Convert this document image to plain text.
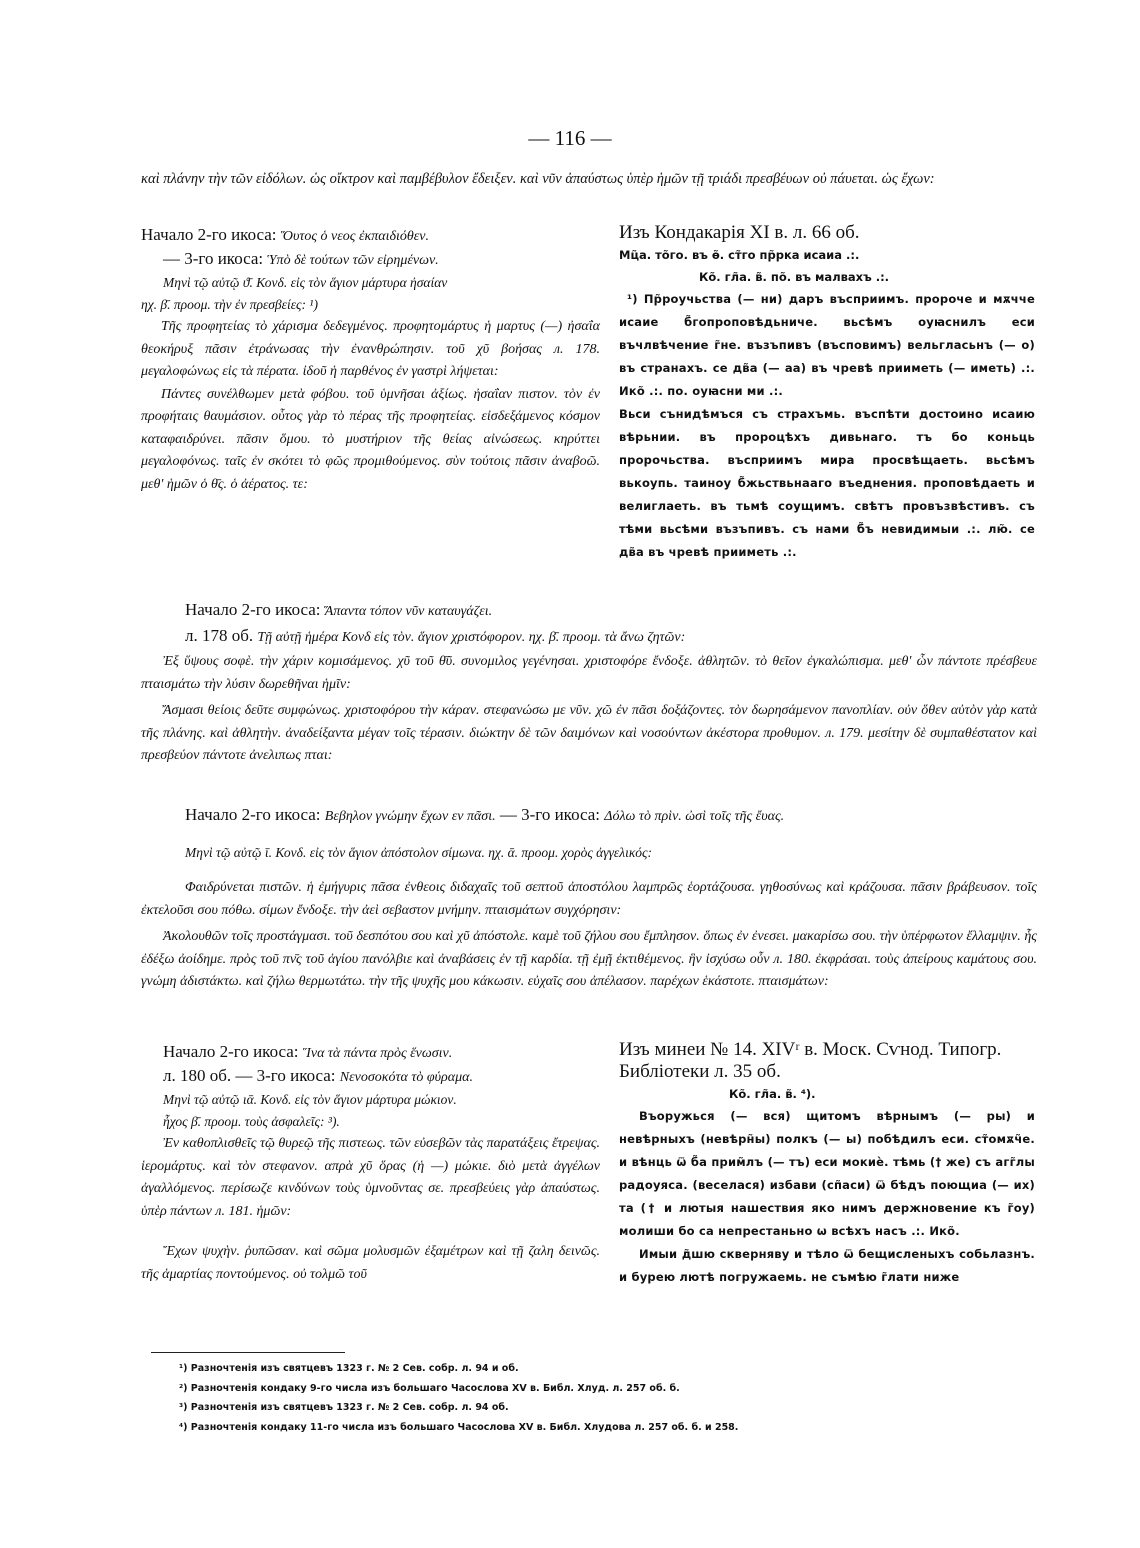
— 116 —
καὶ πλάνην τὴν τῶν εἰδόλων. ὡς οἴκτρον καὶ παμβέβυλον ἔδειξεν. καὶ νῦν ἀπαύστως ὑπὲρ ἡμῶν τῇ τριάδι πρεσβέυων οὐ πάυεται. ὡς ἔχων:

Начало 2-го икоса: Ὅυτος ὁ νεος ἐκπαιδιόθεν.

— 3-го икоса: Ὑπὸ δὲ τούτων τῶν εἰρημένων.

Μηνὶ τῷ αὐτῷ ϑ̄. Κονδ. εἰς τὸν ἅγιον μάρτυρα ἠσαίαν

ηχ. β̄. προομ. τὴν ἐν πρεσβείες: ¹)

Τῆς προφητείας τὸ χάρισμα δεδεγμένος. προφητομάρτυς ἡ μαρτυς (—) ἠσαΐα θεοκήρυξ πᾶσιν ἐτράνωσας τὴν ἐνανθρώπησιν. τοῦ χῦ βοήσας л. 178. μεγαλοφώνως εἰς τὰ πέρατα. ἰδοῦ ἡ παρθένος ἐν γαστρὶ λήψεται:

Πάντες συνέλθωμεν μετὰ φόβου. τοῦ ὑμνῆσαι ἀξίως. ἠσαΐαν πιστον. τὸν ἐν προφήταις θαυμάσιον. οὗτος γὰρ τὸ πέρας τῆς προφητείας. εἰσδεξάμενος κόσμον καταφαιδρύνει. πᾶσιν ὅμου. τὸ μυστήριον τῆς θείας αἰνώσεως. κηρύττει μεγαλοφόνως. ταῖς ἐν σκότει τὸ φῶς προμιθούμενος. σὺν τούτοις πᾶσιν ἀναβοῶ. μεθ' ἡμῶν ὁ θ̄ς. ὁ ἀέρατος. τε:

Изъ Кондакарія XI в. л. 66 об.

Мц̃а. то̃го. въ ѳ̃. ст̃го пр̃рка исаиа .:.

Ко̃. гл̃а. в̃. по̃. въ малвахъ .:.

¹) Пр̃роучьства (— ни) даръ въсприимъ. пророче и мѫчче исаие б̃гопроповѣдьниче. вьсѣмъ оуꙗснилъ еси въчлвѣчение г̃не. възъпивъ (въсповимъ) вельгласьнъ (— о) въ странахъ. се дв̃а (— аа) въ чревѣ прииметь (— иметь) .:. Ико̃ .:. по. оуꙗсни ми .:.

Вьси сънидѣмъся съ страхъмь. въспѣти достоино исаию вѣрьнии. въ пророцѣхъ дивьнаго. тъ бо коньць пророчьства. въсприимъ мира просвѣщаеть. вьсѣмъ вькоупь. таиноу б̃жьствьнааго въеднения. проповѣдаеть и велиглаеть. въ тьмѣ соущимъ. свѣтъ провъзвѣстивъ. съ тѣми вьсѣми възъпивъ. съ нами б̃ъ невидимыи .:. лю̃. се дв̃а въ чревѣ прииметь .:.

Начало 2-го икоса: Ἅπαντα τόπον νῦν καταυγάζει.

л. 178 об. Τῇ αὐτῇ ἡμέρα Κονδ εἰς τὸν. ἅγιον χριστόφορον. ηχ. β̄. προομ. τὰ ἄνω ζητῶν:

Ἐξ ὕψους σοφὲ. τὴν χάριν κομισάμενος. χῦ τοῦ θ̄ῦ. συνομιλος γεγένησαι. χριστοφόρε ἔνδοξε. ἀθλητῶν. τὸ θεῖον ἐγκαλώπισμα. μεθ' ὧν πάντοτε πρέσβευε πταισμάτω τὴν λύσιν δωρεθῆναι ἡμῖν:

Ἄσμασι θείοις δεῦτε συμφώνως. χριστοφόρου τὴν κάραν. στεφανώσω με νῦν. χῶ ἐν πᾶσι δοξάζοντες. τὸν δωρησάμενον πανοπλίαν. οὐν ὅθεν αὐτὸν γὰρ κατὰ τῆς πλάνης. καὶ ἀθλητὴν. ἀναδείξαντα μέγαν τοῖς τέρασιν. διώκτην δὲ τῶν δαιμόνων καὶ νοσούντων ἀκέστορα προθυμον. л. 179. μεσίτην δὲ συμπαθέστατον καὶ πρεσβεύον πάντοτε ἀνελιπως πται:

Начало 2-го икоса: Βεβηλον γνώμην ἔχων εν πᾶσι. — 3-го икоса: Δόλω τὸ πρὶν. ὠσὶ τοῖς τῆς ἔυας.

Μηνὶ τῷ αὐτῷ ῑ. Κονδ. εἰς τὸν ἅγιον ἀπόστολον σίμωνα. ηχ. ᾱ. προομ. χορὸς ἀγγελικός:

Φαιδρύνεται πιστῶν. ἡ ἐμήγυρις πᾶσα ἐνθεοις διδαχαῖς τοῦ σεπτοῦ ἀποστόλου λαμπρῶς ἑορτάζουσα. γηθοσύνως καὶ κράζουσα. πᾶσιν βράβευσον. τοῖς ἐκτελοῦσι σου πόθω. σίμων ἔνδοξε. τὴν ἀεὶ σεβαστον μνήμην. πταισμάτων συγχόρησιν:

Ἀκολουθῶν τοῖς προστάγμασι. τοῦ δεσπότου σου καὶ χῦ ἀπόστολε. καμὲ τοῦ ζήλου σου ἔμπλησον. ὅπως ἐν ἐνεσει. μακαρίσω σου. τὴν ὑπέρφωτον ἔλλαμψιν. ἧς ἐδέξω ἀοίδημε. πρὸς τοῦ πν̄ς τοῦ ἁγίου πανόλβιε καὶ ἀναβάσεις ἐν τῇ καρδία. τῇ ἐμῇ ἐκτιθέμενος. ἣν ἰσχύσω οὖν л. 180. ἐκφράσαι. τοὺς ἀπείρους καμάτους σου. γνώμη ἀδιστάκτω. καὶ ζήλω θερμωτάτω. τὴν τῆς ψυχῆς μου κάκωσιν. εὐχαῖς σου ἀπέλασον. παρέχων ἑκάστοτε. πταισμάτων:

Начало 2-го икоса: Ἵνα τὰ πάντα πρὸς ἕνωσιν.

л. 180 об. — 3-го икоса: Νενοσοκότα τὸ φύραμα.

Μηνὶ τῷ αὐτῷ ιᾱ. Κονδ. εἰς τὸν ἅγιον μάρτυρα μώκιον.

ἦχος β̄. προομ. τοὺς ἀσφαλεῖς: ³).

Ἐν καθοπλισθεῖς τῷ θυρεῷ τῆς πιστεως. τῶν εὐσεβῶν τὰς παρατάξεις ἔτρεψας. ἱερομάρτυς. καὶ τὸν στεφανον. απρὰ χῦ ὅρας (ἡ —) μώκιε. διὸ μετὰ ἀγγέλων ἀγαλλόμενος. περίσωζε κινδύνων τοὺς ὑμνοῦντας σε. πρεσβεύεις γὰρ ἀπαύστως. ὑπὲρ πάντων л. 181. ἡμῶν:

Ἔχων ψυχὴν. ῥυπῶσαν. καὶ σῶμα μολυσμῶν ἐξαμέτρων καὶ τῇ ζαλη δεινῶς. τῆς ἁμαρτίας ποντούμενος. οὐ τολμῶ τοῦ

Изъ минеи № 14. XIVʳ в. Моск. Сѵнод. Типогр.

Библіотеки л. 35 об.

Ко̃. гл̃а. в̃. ⁴).

Въоружься (— вся) щитомъ вѣрнымъ (— ры) и невѣрныхъ (невѣрн̃ы) полкъ (— ы) побѣдилъ еси. ст̃омѫч̃е. и вѣнць ѿ б̃а прим̃лъ (— тъ) еси мокиѐ. тѣмь († же) съ агг̃лы радоуяса. (веселася) избави (сп̃аси) ѿ бѣдъ поющиа (— их) та († и лютыя нашествия яко нимъ держновение къ г̃оу) молиши бо са непрестаньно ѡ всѣхъ насъ .:. Ико̃.

Имыи д̃шю скверняву и тѣло ѿ бещисленыхъ собьлазнъ. и бурею лютѣ погружаемь. не съмѣю г̃лати ниже

¹) Разночтенія изъ святцевъ 1323 г. № 2 Сев. собр. л. 94 и об.

²) Разночтенія кондаку 9-го числа изъ большаго Часослова XV в. Библ. Хлуд. л. 257 об. б.

³) Разночтенія изъ святцевъ 1323 г. № 2 Сев. собр. л. 94 об.

⁴) Разночтенія кондаку 11-го числа изъ большаго Часослова XV в. Библ. Хлудова л. 257 об. б. и 258.
